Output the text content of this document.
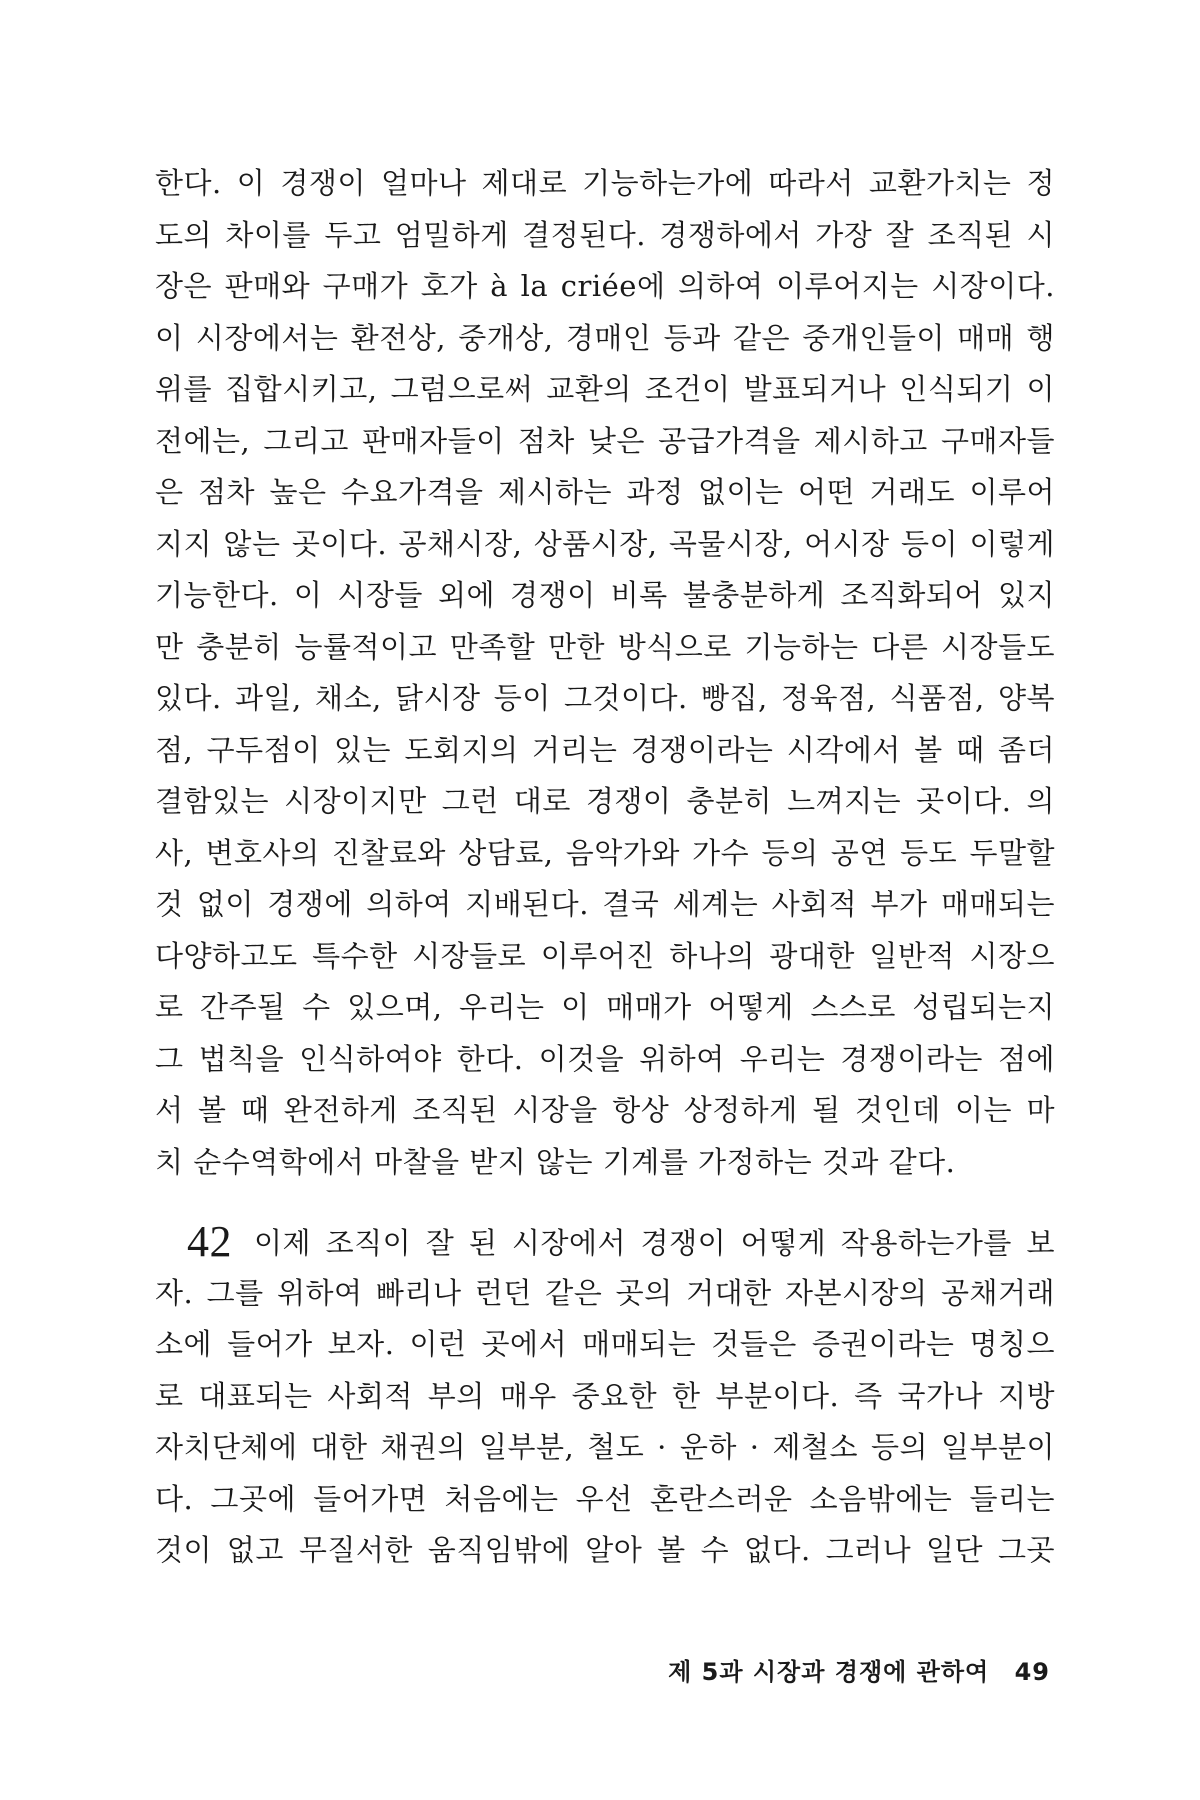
한다. 이 경쟁이 얼마나 제대로 기능하는가에 따라서 교환가치는 정
도의 차이를 두고 엄밀하게 결정된다. 경쟁하에서 가장 잘 조직된 시
장은 판매와 구매가 호가 à la criée에 의하여 이루어지는 시장이다.
이 시장에서는 환전상, 중개상, 경매인 등과 같은 중개인들이 매매 행
위를 집합시키고, 그럼으로써 교환의 조건이 발표되거나 인식되기 이
전에는, 그리고 판매자들이 점차 낮은 공급가격을 제시하고 구매자들
은 점차 높은 수요가격을 제시하는 과정 없이는 어떤 거래도 이루어
지지 않는 곳이다. 공채시장, 상품시장, 곡물시장, 어시장 등이 이렇게
기능한다. 이 시장들 외에 경쟁이 비록 불충분하게 조직화되어 있지
만 충분히 능률적이고 만족할 만한 방식으로 기능하는 다른 시장들도
있다. 과일, 채소, 닭시장 등이 그것이다. 빵집, 정육점, 식품점, 양복
점, 구두점이 있는 도회지의 거리는 경쟁이라는 시각에서 볼 때 좀더
결함있는 시장이지만 그런 대로 경쟁이 충분히 느껴지는 곳이다. 의
사, 변호사의 진찰료와 상담료, 음악가와 가수 등의 공연 등도 두말할
것 없이 경쟁에 의하여 지배된다. 결국 세계는 사회적 부가 매매되는
다양하고도 특수한 시장들로 이루어진 하나의 광대한 일반적 시장으
로 간주될 수 있으며, 우리는 이 매매가 어떻게 스스로 성립되는지
그 법칙을 인식하여야 한다. 이것을 위하여 우리는 경쟁이라는 점에
서 볼 때 완전하게 조직된 시장을 항상 상정하게 될 것인데 이는 마
치 순수역학에서 마찰을 받지 않는 기계를 가정하는 것과 같다.
42 이제 조직이 잘 된 시장에서 경쟁이 어떻게 작용하는가를 보
자. 그를 위하여 빠리나 런던 같은 곳의 거대한 자본시장의 공채거래
소에 들어가 보자. 이런 곳에서 매매되는 것들은 증권이라는 명칭으
로 대표되는 사회적 부의 매우 중요한 한 부분이다. 즉 국가나 지방
자치단체에 대한 채권의 일부분, 철도 · 운하 · 제철소 등의 일부분이
다. 그곳에 들어가면 처음에는 우선 혼란스러운 소음밖에는 들리는
것이 없고 무질서한 움직임밖에 알아 볼 수 없다. 그러나 일단 그곳
제 5과 시장과 경쟁에 관하여 49
